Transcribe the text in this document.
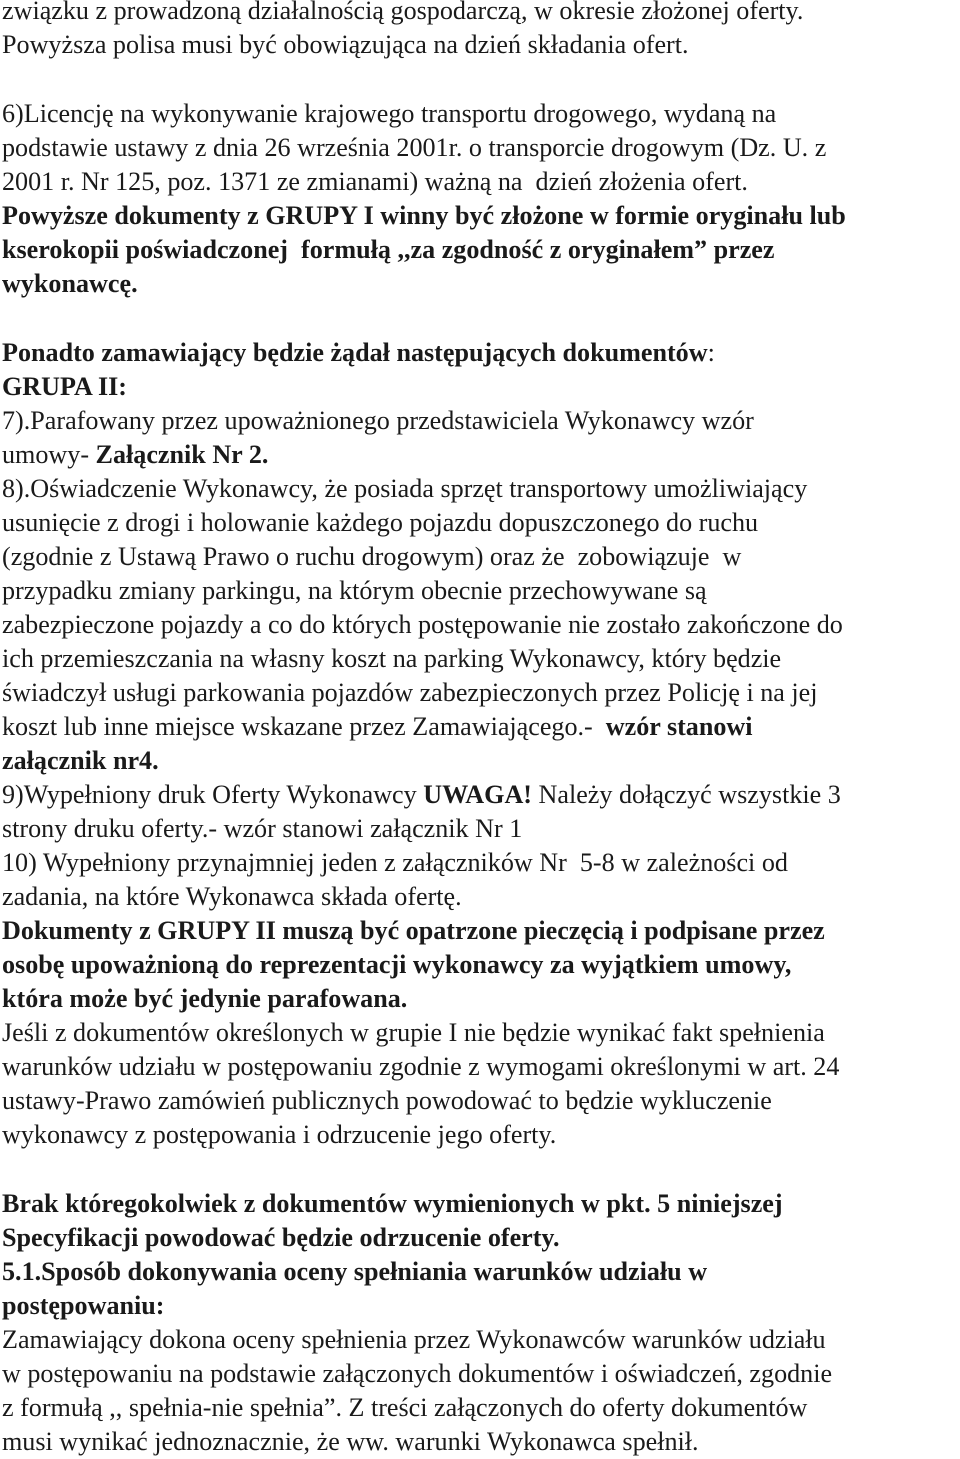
związku z prowadzoną działalnością gospodarczą, w okresie złożonej oferty.
Powyższa polisa musi być obowiązująca na dzień składania ofert.
6)Licencję na wykonywanie krajowego transportu drogowego, wydaną na
podstawie ustawy z dnia 26 września 2001r. o transporcie drogowym (Dz. U. z
2001 r. Nr 125, poz. 1371 ze zmianami) ważną na  dzień złożenia ofert.
Powyższe dokumenty z GRUPY I winny być złożone w formie oryginału lub
kserokopii poświadczonej  formułą ,,za zgodność z oryginałem” przez
wykonawcę.
Ponadto zamawiający będzie żądał następujących dokumentów:
GRUPA II:
7).Parafowany przez upoważnionego przedstawiciela Wykonawcy wzór
umowy- Załącznik Nr 2.
8).Oświadczenie Wykonawcy, że posiada sprzęt transportowy umożliwiający
usunięcie z drogi i holowanie każdego pojazdu dopuszczonego do ruchu
(zgodnie z Ustawą Prawo o ruchu drogowym) oraz że  zobowiązuje  w
przypadku zmiany parkingu, na którym obecnie przechowywane są
zabezpieczone pojazdy a co do których postępowanie nie zostało zakończone do
ich przemieszczania na własny koszt na parking Wykonawcy, który będzie
świadczył usługi parkowania pojazdów zabezpieczonych przez Policję i na jej
koszt lub inne miejsce wskazane przez Zamawiającego.-  wzór stanowi
załącznik nr4.
9)Wypełniony druk Oferty Wykonawcy UWAGA! Należy dołączyć wszystkie 3
strony druku oferty.- wzór stanowi załącznik Nr 1
10) Wypełniony przynajmniej jeden z załączników Nr  5-8 w zależności od
zadania, na które Wykonawca składa ofertę.
Dokumenty z GRUPY II muszą być opatrzone pieczęcią i podpisane przez
osobę upoważnioną do reprezentacji wykonawcy za wyjątkiem umowy,
która może być jedynie parafowana.
Jeśli z dokumentów określonych w grupie I nie będzie wynikać fakt spełnienia
warunków udziału w postępowaniu zgodnie z wymogami określonymi w art. 24
ustawy-Prawo zamówień publicznych powodować to będzie wykluczenie
wykonawcy z postępowania i odrzucenie jego oferty.
Brak któregokolwiek z dokumentów wymienionych w pkt. 5 niniejszej
Specyfikacji powodować będzie odrzucenie oferty.
5.1.Sposób dokonywania oceny spełniania warunków udziału w
postępowaniu:
Zamawiający dokona oceny spełnienia przez Wykonawców warunków udziału
w postępowaniu na podstawie załączonych dokumentów i oświadczeń, zgodnie
z formułą ,, spełnia-nie spełnia”. Z treści załączonych do oferty dokumentów
musi wynikać jednoznacznie, że ww. warunki Wykonawca spełnił.
